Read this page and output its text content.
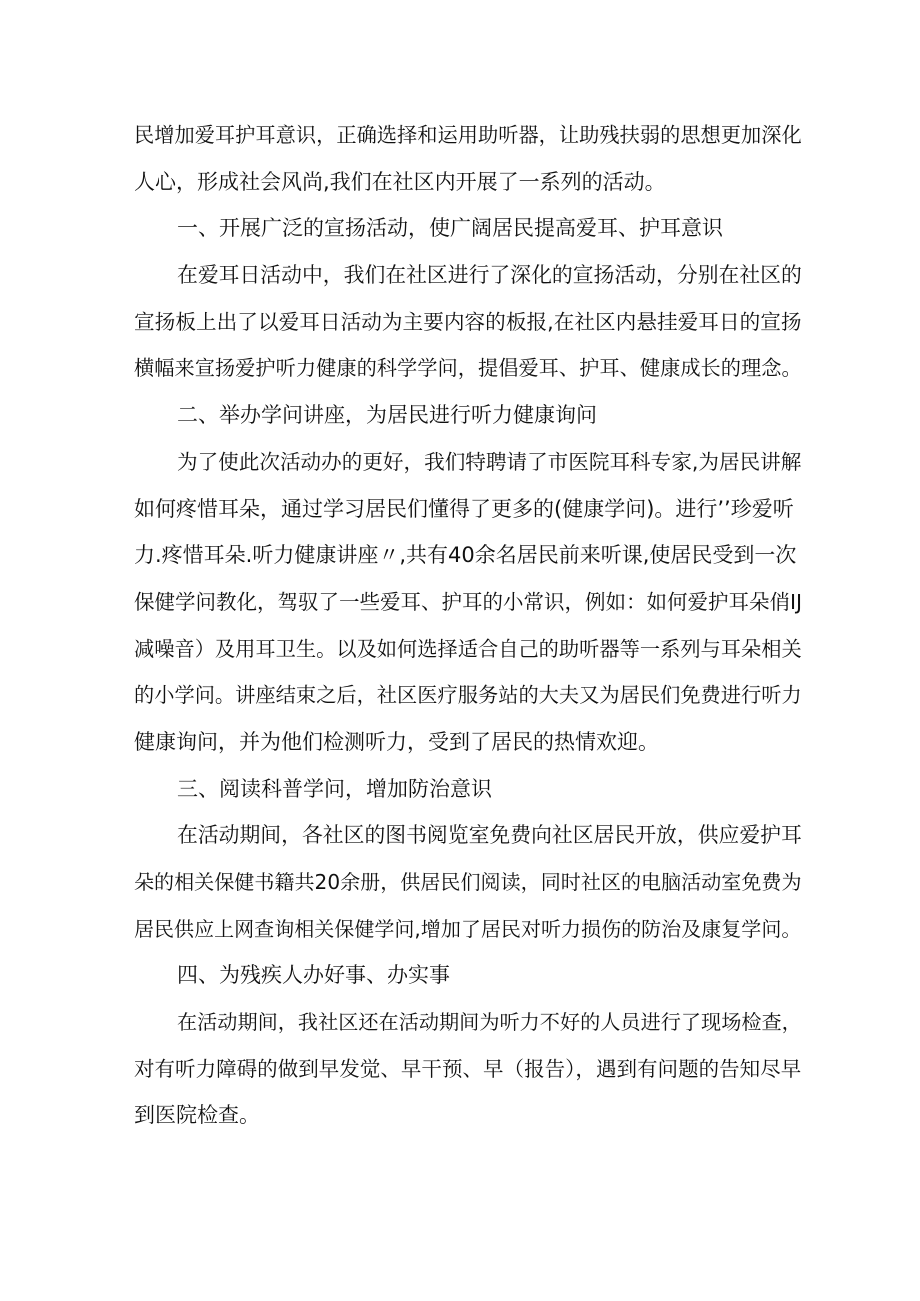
民增加爱耳护耳意识，正确选择和运用助听器，让助残扶弱的思想更加深化
人心，形成社会风尚,我们在社区内开展了一系列的活动。
一、开展广泛的宣扬活动，使广阔居民提高爱耳、护耳意识
在爱耳日活动中，我们在社区进行了深化的宣扬活动，分别在社区的
宣扬板上出了以爱耳日活动为主要内容的板报,在社区内悬挂爱耳日的宣扬
横幅来宣扬爱护听力健康的科学学问，提倡爱耳、护耳、健康成长的理念。
二、举办学问讲座，为居民进行听力健康询问
为了使此次活动办的更好，我们特聘请了市医院耳科专家,为居民讲解
如何疼惜耳朵，通过学习居民们懂得了更多的(健康学问)。进行’’珍爱听
力.疼惜耳朵.听力健康讲座〃,共有40余名居民前来听课,使居民受到一次
保健学问教化，驾驭了一些爱耳、护耳的小常识，例如：如何爱护耳朵俏IJ
减噪音）及用耳卫生。以及如何选择适合自己的助听器等一系列与耳朵相关
的小学问。讲座结束之后，社区医疗服务站的大夫又为居民们免费进行听力
健康询问，并为他们检测听力，受到了居民的热情欢迎。
三、阅读科普学问，增加防治意识
在活动期间，各社区的图书阅览室免费向社区居民开放，供应爱护耳
朵的相关保健书籍共20余册，供居民们阅读，同时社区的电脑活动室免费为
居民供应上网查询相关保健学问,增加了居民对听力损伤的防治及康复学问。
四、为残疾人办好事、办实事
在活动期间，我社区还在活动期间为听力不好的人员进行了现场检查，
对有听力障碍的做到早发觉、早干预、早（报告），遇到有问题的告知尽早
到医院检查。
